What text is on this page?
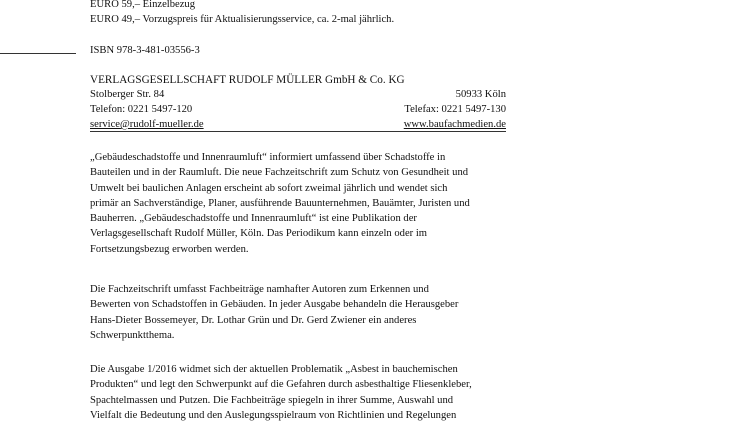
EURO 59,– Einzelbezug
EURO 49,– Vorzugspreis für Aktualisierungsservice, ca. 2-mal jährlich.
ISBN 978-3-481-03556-3
VERLAGSGESELLSCHAFT RUDOLF MÜLLER GmbH & Co. KG
Stolberger Str. 84	50933 Köln
Telefon: 0221 5497-120	Telefax: 0221 5497-130
service@rudolf-mueller.de	www.baufachmedien.de
„Gebäudeschadstoffe und Innenraumluft“ informiert umfassend über Schadstoffe in
Bauteilen und in der Raumluft. Die neue Fachzeitschrift zum Schutz von Gesundheit und
Umwelt bei baulichen Anlagen erscheint ab sofort zweimal jährlich und wendet sich
primär an Sachverständige, Planer, ausführende Bauunternehmen, Bauämter, Juristen und
Bauherren. „Gebäudeschadstoffe und Innenraumluft“ ist eine Publikation der
Verlagsgesellschaft Rudolf Müller, Köln. Das Periodikum kann einzeln oder im
Fortsetzungsbezug erworben werden.
Die Fachzeitschrift umfasst Fachbeiträge namhafter Autoren zum Erkennen und
Bewerten von Schadstoffen in Gebäuden. In jeder Ausgabe behandeln die Herausgeber
Hans-Dieter Bossemeyer, Dr. Lothar Grün und Dr. Gerd Zwiener ein anderes
Schwerpunktthema.
Die Ausgabe 1/2016 widmet sich der aktuellen Problematik „Asbest in bauchemischen
Produkten“ und legt den Schwerpunkt auf die Gefahren durch asbesthaltige Fliesenkleber,
Spachtelmassen und Putzen. Die Fachbeiträge spiegeln in ihrer Summe, Auswahl und
Vielfalt die Bedeutung und den Auslegungsspielraum von Richtlinien und Regelungen
